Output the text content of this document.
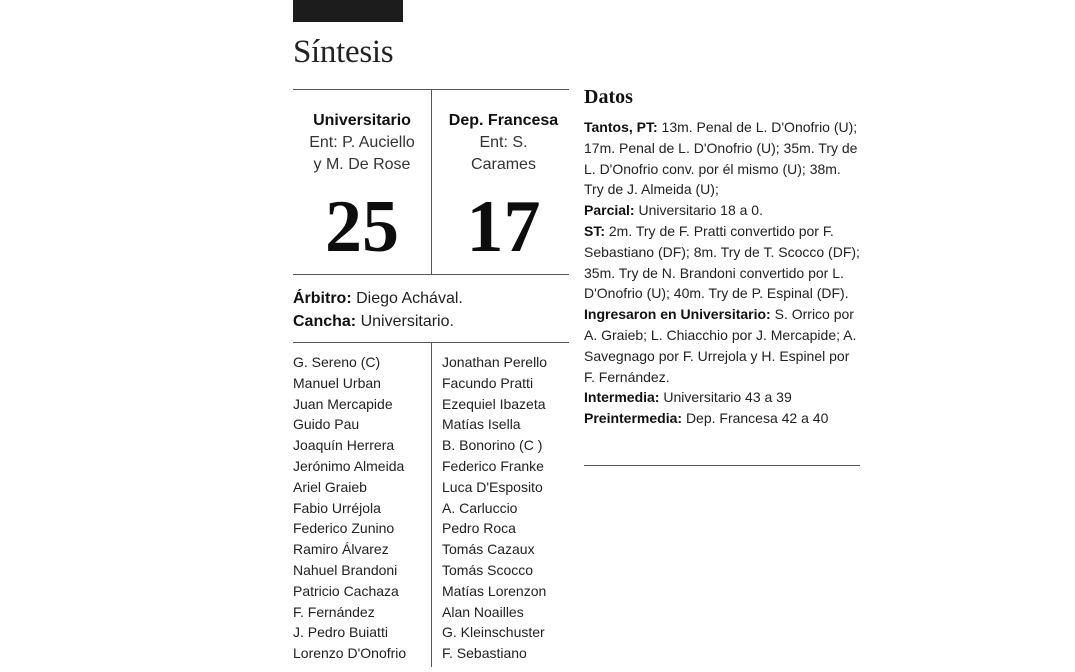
Síntesis
Universitario
Ent: P. Auciello
y M. De Rose
25
Dep. Francesa
Ent: S.
Carames
17
Árbitro: Diego Achával.
Cancha: Universitario.
G. Sereno (C)
Manuel Urban
Juan Mercapide
Guido Pau
Joaquín Herrera
Jerónimo Almeida
Ariel Graieb
Fabio Urréjola
Federico Zunino
Ramiro Álvarez
Nahuel Brandoni
Patricio Cachaza
F. Fernández
J. Pedro Buiatti
Lorenzo D'Onofrio
Jonathan Perello
Facundo Pratti
Ezequiel Ibazeta
Matías Isella
B. Bonorino (C )
Federico Franke
Luca D'Esposito
A. Carluccio
Pedro Roca
Tomás Cazaux
Tomás Scocco
Matías Lorenzon
Alan Noailles
G. Kleinschuster
F. Sebastiano
Datos

Tantos, PT: 13m. Penal de L. D'Onofrio (U); 17m. Penal de L. D'Onofrio (U); 35m. Try de L. D'Onofrio conv. por él mismo (U); 38m. Try de J. Almeida (U);

Parcial: Universitario 18 a 0.

ST: 2m. Try de F. Pratti convertido por F. Sebastiano (DF); 8m. Try de T. Scocco (DF); 35m. Try de N. Brandoni convertido por L. D'Onofrio (U); 40m. Try de P. Espinal (DF).

Ingresaron en Universitario: S. Orrico por A. Graieb; L. Chiacchio por J. Mercapide; A. Savegnago por F. Urrejola y H. Espinel por F. Fernández.

Intermedia: Universitario 43 a 39

Preintermedia: Dep. Francesa 42 a 40
